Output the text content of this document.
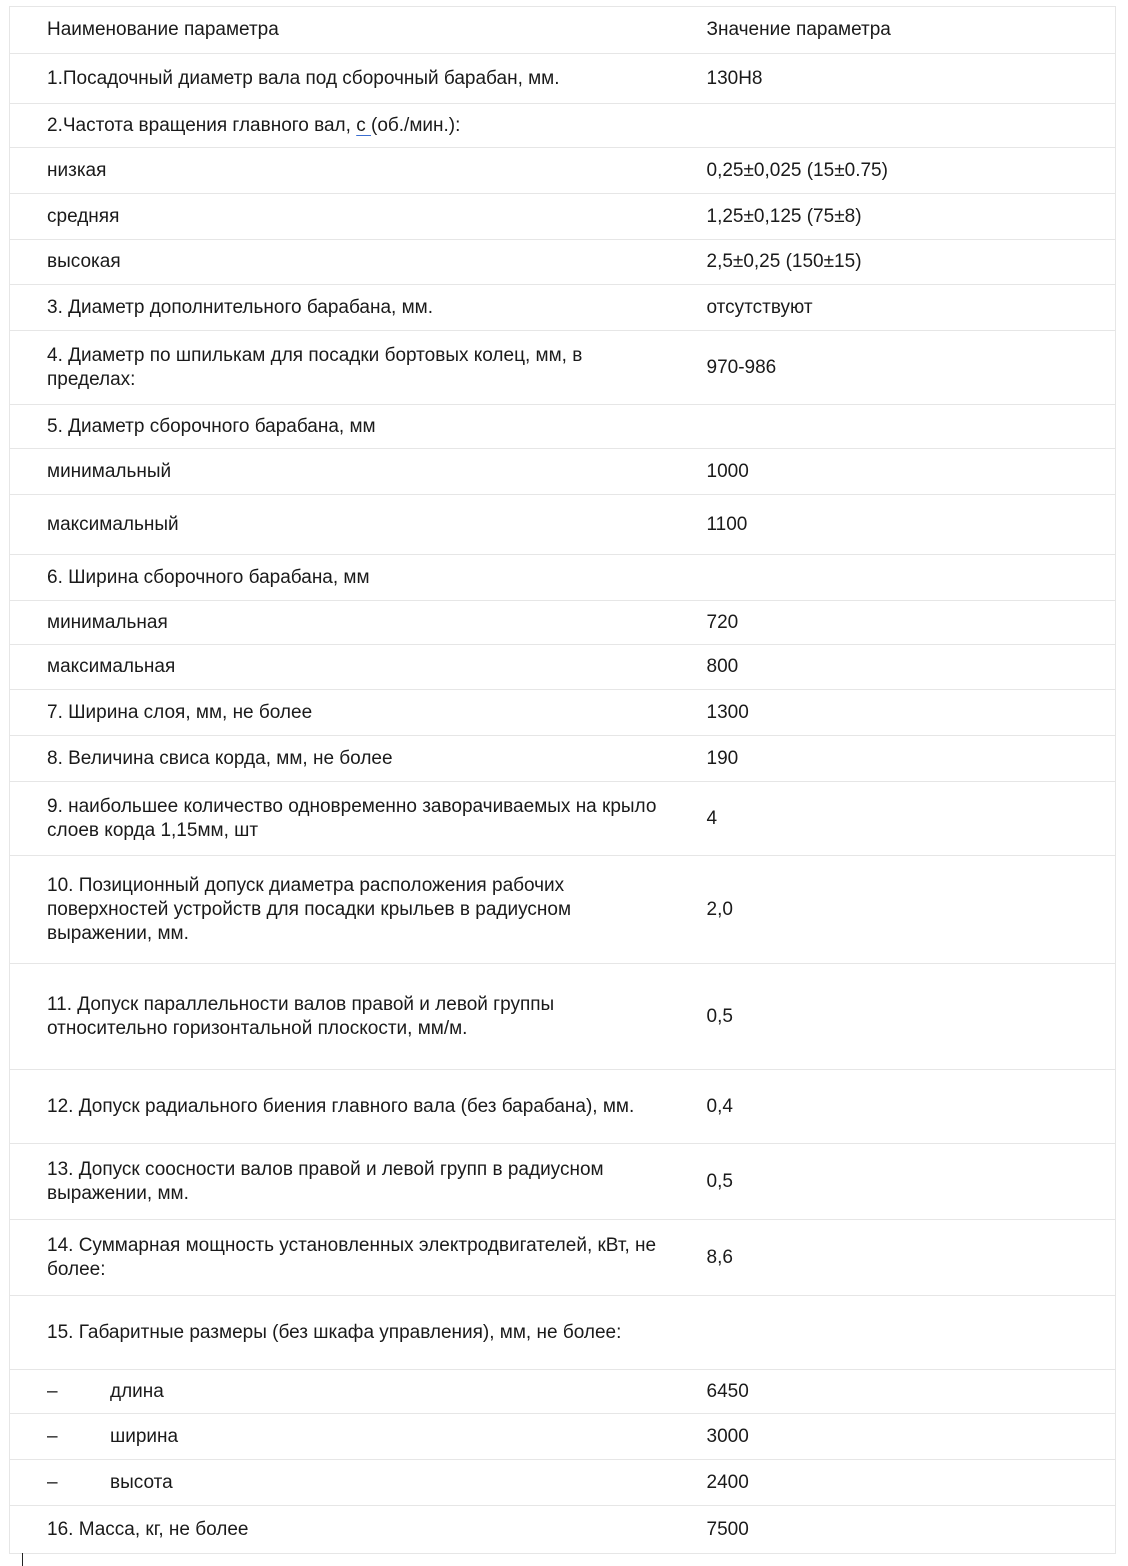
Наименование параметра	Значение параметра
1.Посадочный диаметр вала под сборочный барабан, мм.	130H8
2.Частота вращения главного вал, с (об./мин.):	
низкая	0,25±0,025 (15±0.75)
средняя	1,25±0,125 (75±8)
высокая	2,5±0,25 (150±15)
3. Диаметр дополнительного барабана, мм.	отсутствуют
4. Диаметр по шпилькам для посадки бортовых колец, мм, в пределах:	970-986
5. Диаметр сборочного барабана, мм	
минимальный	1000
максимальный	1100
6. Ширина сборочного барабана, мм	
минимальная	720
максимальная	800
7. Ширина слоя, мм, не более	1300
8. Величина свиса корда, мм, не более	190
9. наибольшее количество одновременно заворачиваемых на крыло слоев корда 1,15мм, шт	4
10. Позиционный допуск диаметра расположения рабочих поверхностей устройств для посадки крыльев в радиусном выражении, мм.	2,0
11. Допуск параллельности валов правой и левой группы относительно горизонтальной плоскости, мм/м.	0,5
12. Допуск радиального биения главного вала (без барабана), мм.	0,4
13. Допуск соосности валов правой и левой групп в радиусном выражении, мм.	0,5
14. Суммарная мощность установленных электродвигателей, кВт, не более:	8,6
15. Габаритные размеры (без шкафа управления), мм, не более:	
– длина	6450
– ширина	3000
– высота	2400
16. Масса, кг, не более	7500
